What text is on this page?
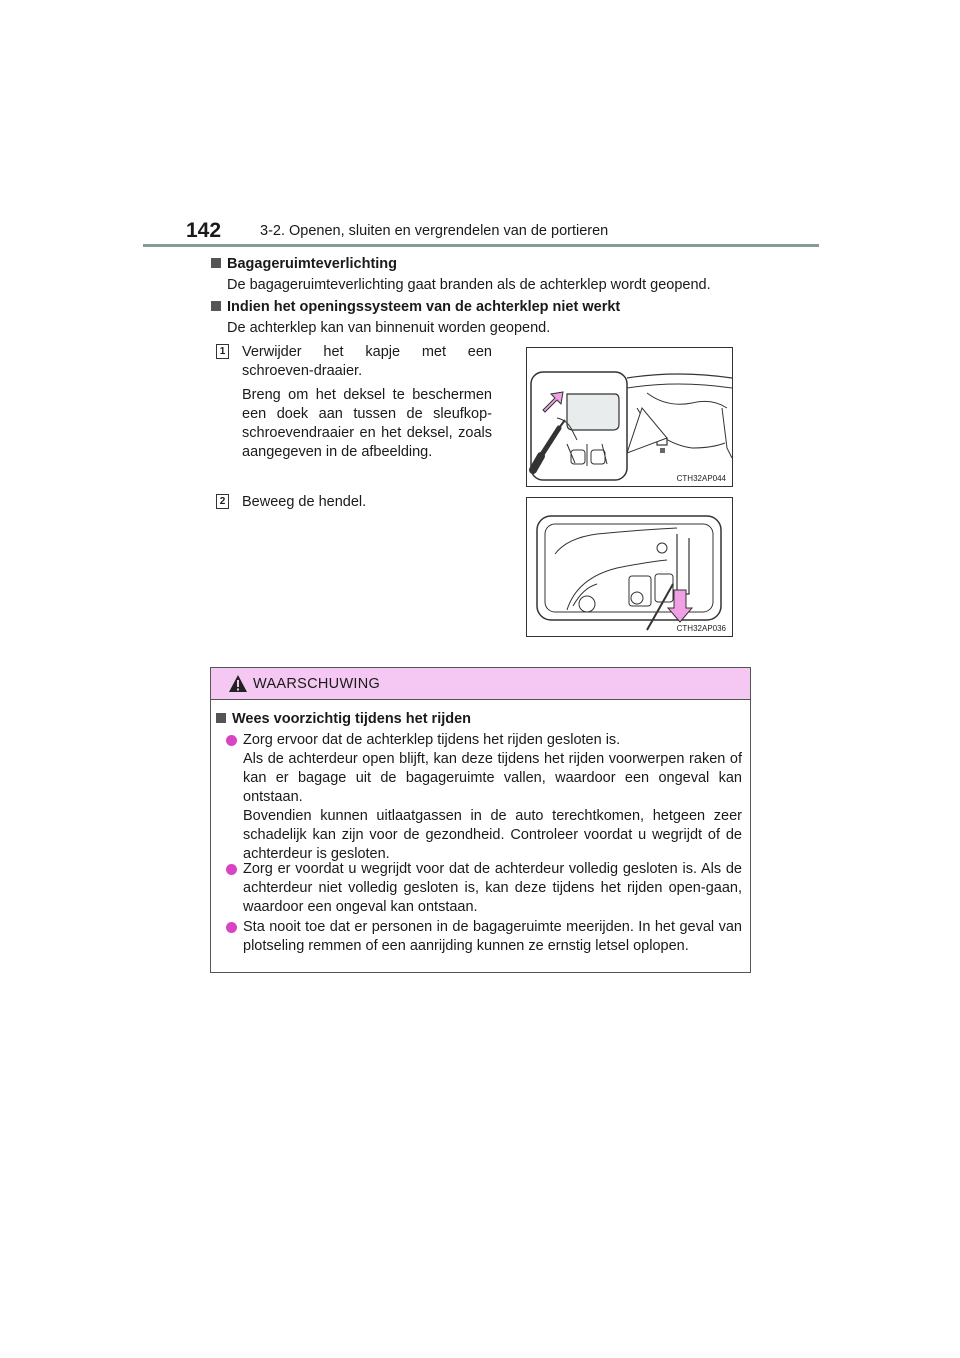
142	3-2. Openen, sluiten en vergrendelen van de portieren
Bagageruimteverlichting
De bagageruimteverlichting gaat branden als de achterklep wordt geopend.
Indien het openingssysteem van de achterklep niet werkt
De achterklep kan van binnenuit worden geopend.
1 Verwijder het kapje met een schroeven-draaier.
Breng om het deksel te beschermen een doek aan tussen de sleufkop-schroevendraaier en het deksel, zoals aangegeven in de afbeelding.
CTH32AP044
2 Beweeg de hendel.
CTH32AP036
WAARSCHUWING
Wees voorzichtig tijdens het rijden
Zorg ervoor dat de achterklep tijdens het rijden gesloten is.
Als de achterdeur open blijft, kan deze tijdens het rijden voorwerpen raken of kan er bagage uit de bagageruimte vallen, waardoor een ongeval kan ontstaan.
Bovendien kunnen uitlaatgassen in de auto terechtkomen, hetgeen zeer schadelijk kan zijn voor de gezondheid. Controleer voordat u wegrijdt of de achterdeur is gesloten.
Zorg er voordat u wegrijdt voor dat de achterdeur volledig gesloten is. Als de achterdeur niet volledig gesloten is, kan deze tijdens het rijden open-gaan, waardoor een ongeval kan ontstaan.
Sta nooit toe dat er personen in de bagageruimte meerijden. In het geval van plotseling remmen of een aanrijding kunnen ze ernstig letsel oplopen.
